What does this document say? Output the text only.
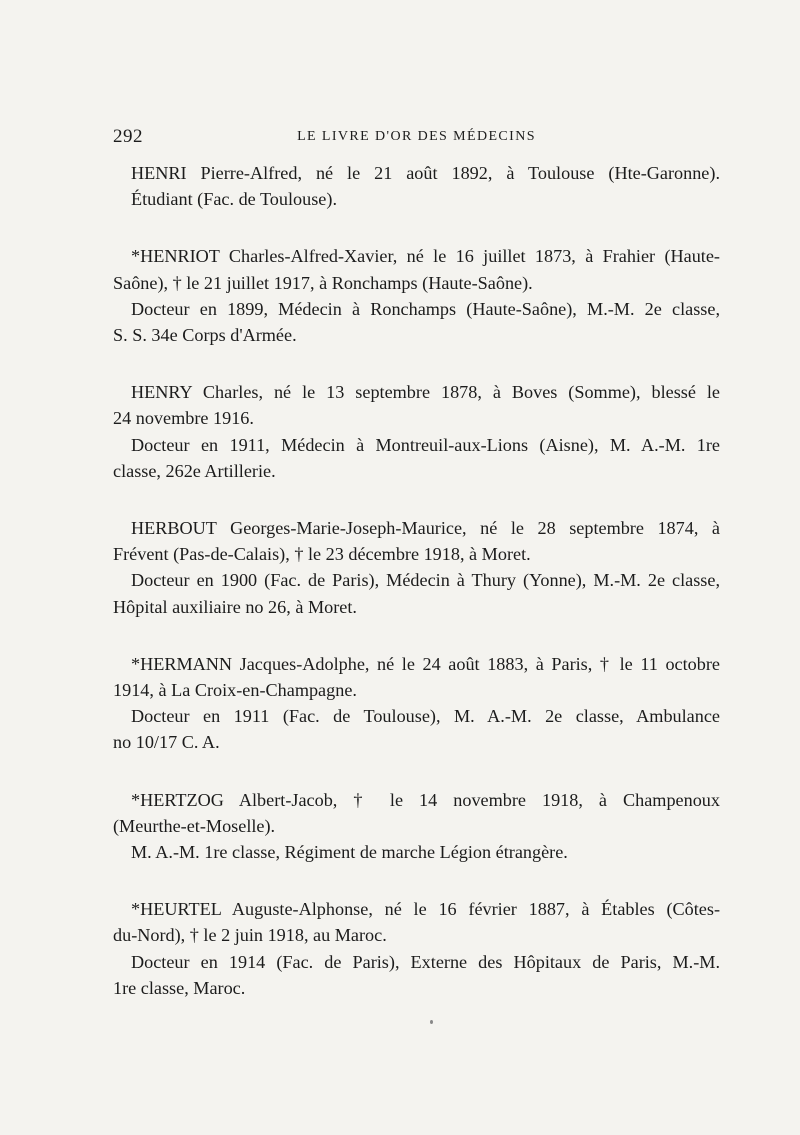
292	LE LIVRE D'OR DES MÉDECINS
HENRI Pierre-Alfred, né le 21 août 1892, à Toulouse (Hte-Garonne).
Étudiant (Fac. de Toulouse).
*HENRIOT Charles-Alfred-Xavier, né le 16 juillet 1873, à Frahier (Haute-
Saône), † le 21 juillet 1917, à Ronchamps (Haute-Saône).
Docteur en 1899, Médecin à Ronchamps (Haute-Saône), M.-M. 2e classe,
S. S. 34e Corps d'Armée.
HENRY Charles, né le 13 septembre 1878, à Boves (Somme), blessé le
24 novembre 1916.
Docteur en 1911, Médecin à Montreuil-aux-Lions (Aisne), M. A.-M. 1re
classe, 262e Artillerie.
HERBOUT Georges-Marie-Joseph-Maurice, né le 28 septembre 1874, à
Frévent (Pas-de-Calais), † le 23 décembre 1918, à Moret.
Docteur en 1900 (Fac. de Paris), Médecin à Thury (Yonne), M.-M. 2e classe,
Hôpital auxiliaire no 26, à Moret.
*HERMANN Jacques-Adolphe, né le 24 août 1883, à Paris, † le 11 octobre
1914, à La Croix-en-Champagne.
Docteur en 1911 (Fac. de Toulouse), M. A.-M. 2e classe, Ambulance
no 10/17 C. A.
*HERTZOG Albert-Jacob, † le 14 novembre 1918, à Champenoux
(Meurthe-et-Moselle).
M. A.-M. 1re classe, Régiment de marche Légion étrangère.
*HEURTEL Auguste-Alphonse, né le 16 février 1887, à Étables (Côtes-
du-Nord), † le 2 juin 1918, au Maroc.
Docteur en 1914 (Fac. de Paris), Externe des Hôpitaux de Paris, M.-M.
1re classe, Maroc.
